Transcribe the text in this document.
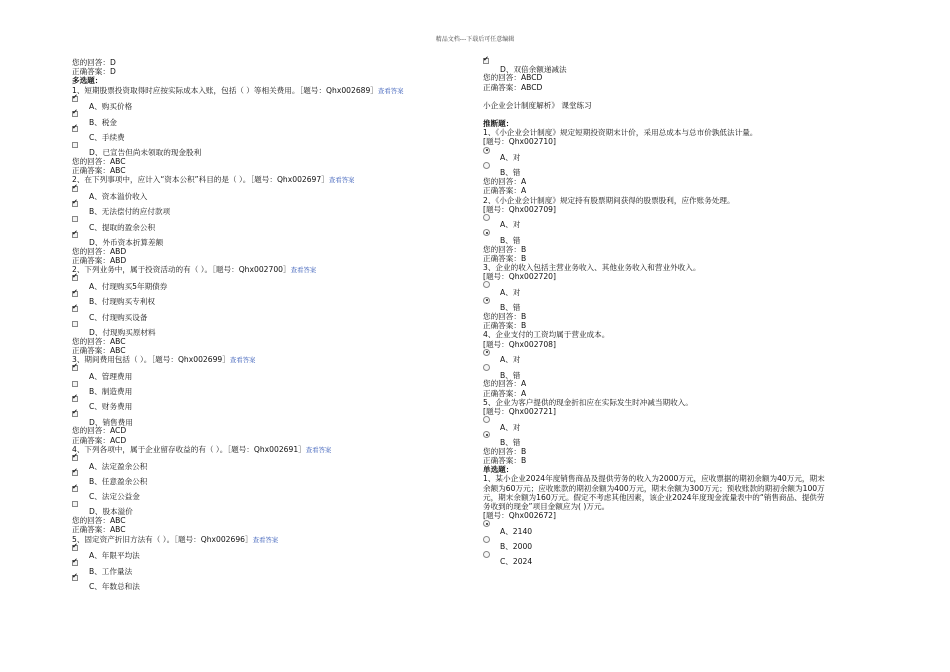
精品文档---下载后可任意编辑
您的回答：D
正确答案：D
多选题：
1、短期股票投资取得时应按实际成本入账，包括（ ）等相关费用。［题号：Qhx002689］查看答案
✔
A、购买价格
✔
B、税金
✔
C、手续费
D、已宣告但尚未领取的现金股利
您的回答：ABC
正确答案：ABC
2、在下列事项中，应计入“资本公积”科目的是（ ）。［题号：Qhx002697］查看答案
✔
A、资本溢价收入
✔
B、无法偿付的应付款项
C、提取的盈余公积
✔
D、外币资本折算差额
您的回答：ABD
正确答案：ABD
2、下列业务中，属于投资活动的有（ ）。［题号：Qhx002700］查看答案
✔
A、付现购买5年期债券
✔
B、付现购买专利权
✔
C、付现购买设备
D、付现购买原材料
您的回答：ABC
正确答案：ABC
3、期间费用包括（ ）。［题号：Qhx002699］查看答案
✔
A、管理费用
B、制造费用
✔
C、财务费用
✔
D、销售费用
您的回答：ACD
正确答案：ACD
4、下列各项中，属于企业留存收益的有（ ）。［题号：Qhx002691］查看答案
✔
A、法定盈余公积
✔
B、任意盈余公积
✔
C、法定公益金
D、股本溢价
您的回答：ABC
正确答案：ABC
5、固定资产折旧方法有（ ）。［题号：Qhx002696］查看答案
✔
A、年限平均法
✔
B、工作量法
✔
C、年数总和法
✔
D、双倍余额递减法
您的回答：ABCD
正确答案：ABCD
小企业会计制度解析》 课堂练习
推断题：
1、《小企业会计制度》规定短期投资期末计价，采用总成本与总市价孰低法计量。
[题号：Qhx002710]
A、对
B、错
您的回答：A
正确答案：A
2、《小企业会计制度》规定持有股票期间获得的股票股利，应作账务处理。
[题号：Qhx002709]
A、对
B、错
您的回答：B
正确答案：B
3、企业的收入包括主营业务收入、其他业务收入和营业外收入。
[题号：Qhx002720]
A、对
B、错
您的回答：B
正确答案：B
4、企业支付的工资均属于营业成本。
[题号：Qhx002708]
A、对
B、错
您的回答：A
正确答案：A
5、企业为客户提供的现金折扣应在实际发生时冲减当期收入。
[题号：Qhx002721]
A、对
B、错
您的回答：B
正确答案：B
单选题：
1、某小企业2024年度销售商品及提供劳务的收入为2000万元，应收票据的期初余额为40万元，期末
余额为60万元；应收账款的期初余额为400万元，期末余额为300万元；预收账款的期初余额为100万
元，期末余额为160万元。假定不考虑其他因素，该企业2024年度现金流量表中的“销售商品、提供劳
务收到的现金”项目金额应为( )万元。
[题号：Qhx002672]
A、2140
B、2000
C、2024
